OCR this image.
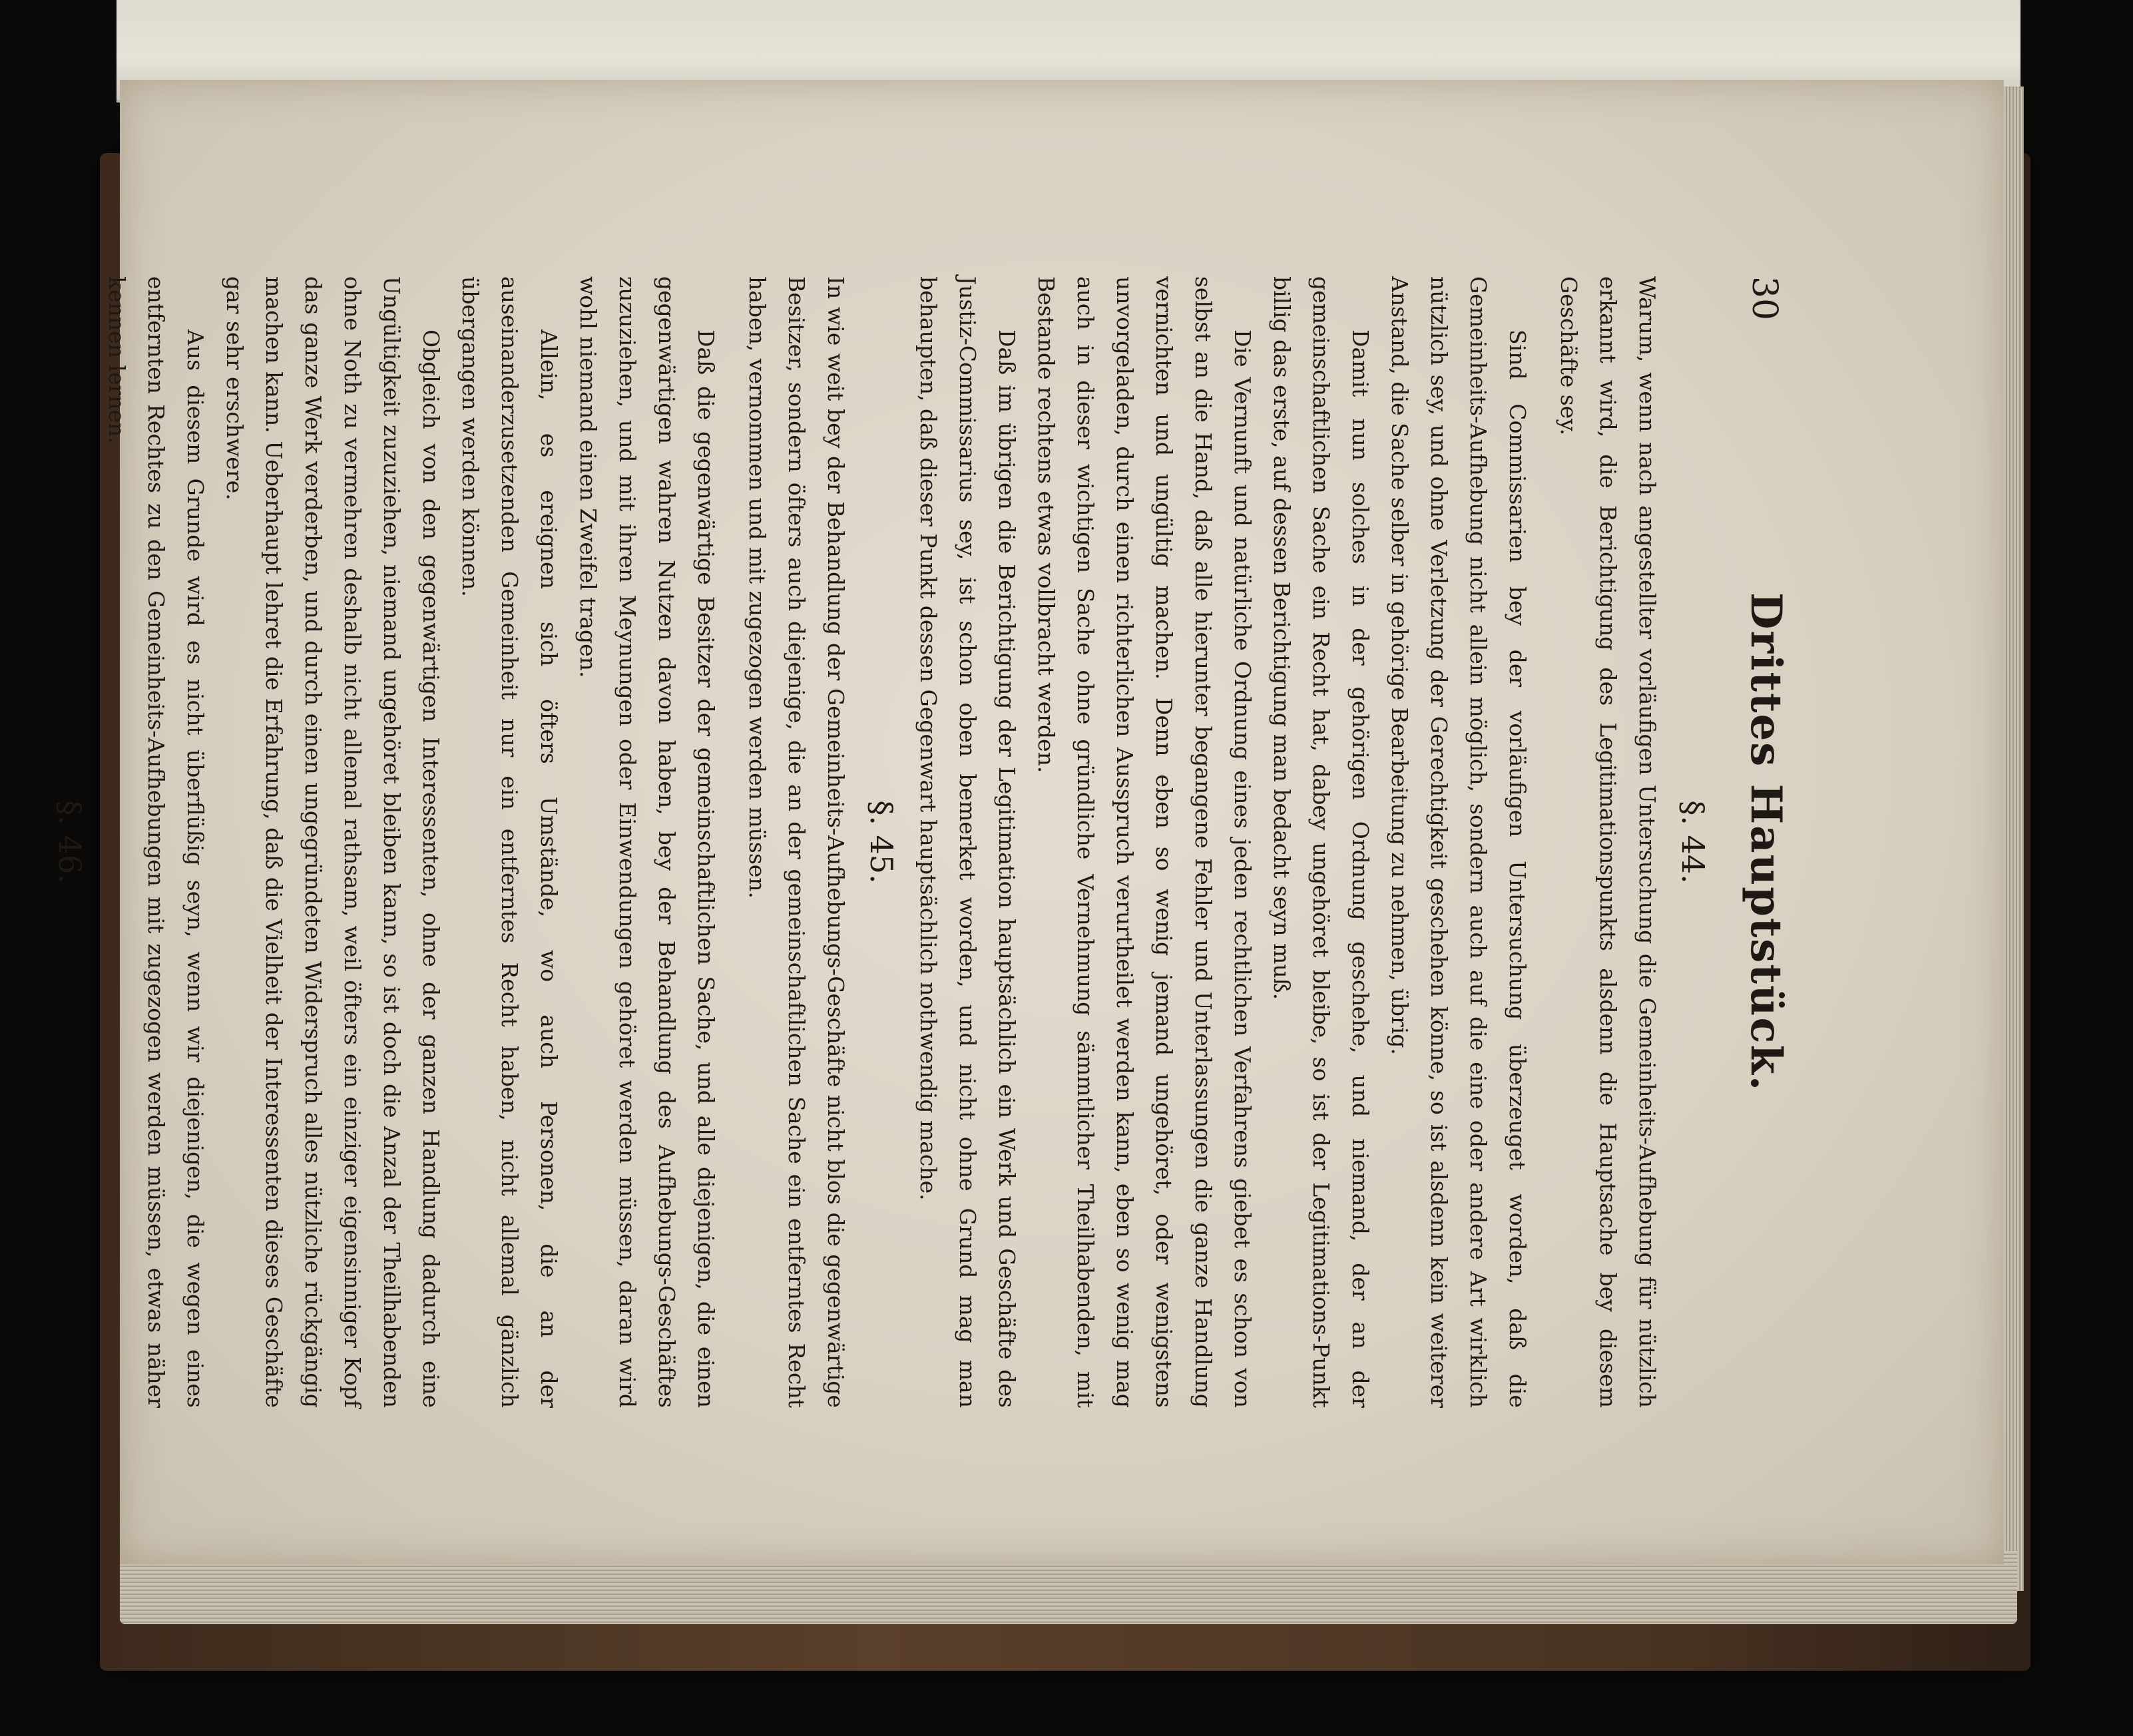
30
Drittes Hauptstück.
§. 44.

Warum, wenn nach angestellter vorläufigen Untersuchung die Gemeinheits-Aufhebung für nützlich erkannt wird, die Berichtigung des Legitimationspunkts alsdenn die Hauptsache bey diesem Geschäfte sey.

Sind Commissarien bey der vorläufigen Untersuchung überzeuget worden, daß die Gemeinheits-Aufhebung nicht allein möglich, sondern auch auf die eine oder andere Art wirklich nützlich sey, und ohne Verletzung der Gerechtigkeit geschehen könne, so ist alsdenn kein weiterer Anstand, die Sache selber in gehörige Bearbeitung zu nehmen, übrig.

Damit nun solches in der gehörigen Ordnung geschehe, und niemand, der an der gemeinschaftlichen Sache ein Recht hat, dabey ungehöret bleibe, so ist der Legitimations-Punkt billig das erste, auf dessen Berichtigung man bedacht seyn muß.

Die Vernunft und natürliche Ordnung eines jeden rechtlichen Verfahrens giebet es schon von selbst an die Hand, daß alle hierunter begangene Fehler und Unterlassungen die ganze Handlung vernichten und ungültig machen. Denn eben so wenig jemand ungehöret, oder wenigstens unvorgeladen, durch einen richterlichen Ausspruch verurtheilet werden kann, eben so wenig mag auch in dieser wichtigen Sache ohne gründliche Vernehmung sämmtlicher Theilhabenden, mit Bestande rechtens etwas vollbracht werden.

Daß im übrigen die Berichtigung der Legitimation hauptsächlich ein Werk und Geschäfte des Justiz-Commissarius sey, ist schon oben bemerket worden, und nicht ohne Grund mag man behaupten, daß dieser Punkt dessen Gegenwart hauptsächlich nothwendig mache.

§. 45.

In wie weit bey der Behandlung der Gemeinheits-Aufhebungs-Geschäfte nicht blos die gegenwärtige Besitzer, sondern öfters auch diejenige, die an der gemeinschaftlichen Sache ein entferntes Recht haben, vernommen und mit zugezogen werden müssen.

Daß die gegenwärtige Besitzer der gemeinschaftlichen Sache, und alle diejenigen, die einen gegenwärtigen wahren Nutzen davon haben, bey der Behandlung des Aufhebungs-Geschäftes zuzuziehen, und mit ihren Meynungen oder Einwendungen gehöret werden müssen, daran wird wohl niemand einen Zweifel tragen.

Allein, es ereignen sich öfters Umstände, wo auch Personen, die an der auseinanderzusetzenden Gemeinheit nur ein entferntes Recht haben, nicht allemal gänzlich übergangen werden können.

Obgleich von den gegenwärtigen Interessenten, ohne der ganzen Handlung dadurch eine Ungültigkeit zuzuziehen, niemand ungehöret bleiben kann, so ist doch die Anzal der Theilhabenden ohne Noth zu vermehren deshalb nicht allemal rathsam, weil öfters ein einziger eigensinniger Kopf das ganze Werk verderben, und durch einen ungegründeten Widerspruch alles nützliche rückgängig machen kann. Ueberhaupt lehret die Erfahrung, daß die Vielheit der Interessenten dieses Geschäfte gar sehr erschwere.

Aus diesem Grunde wird es nicht überflüßig seyn, wenn wir diejenigen, die wegen eines entfernten Rechtes zu den Gemeinheits-Aufhebungen mit zugezogen werden müssen, etwas näher kennen lernen.

§. 46.
